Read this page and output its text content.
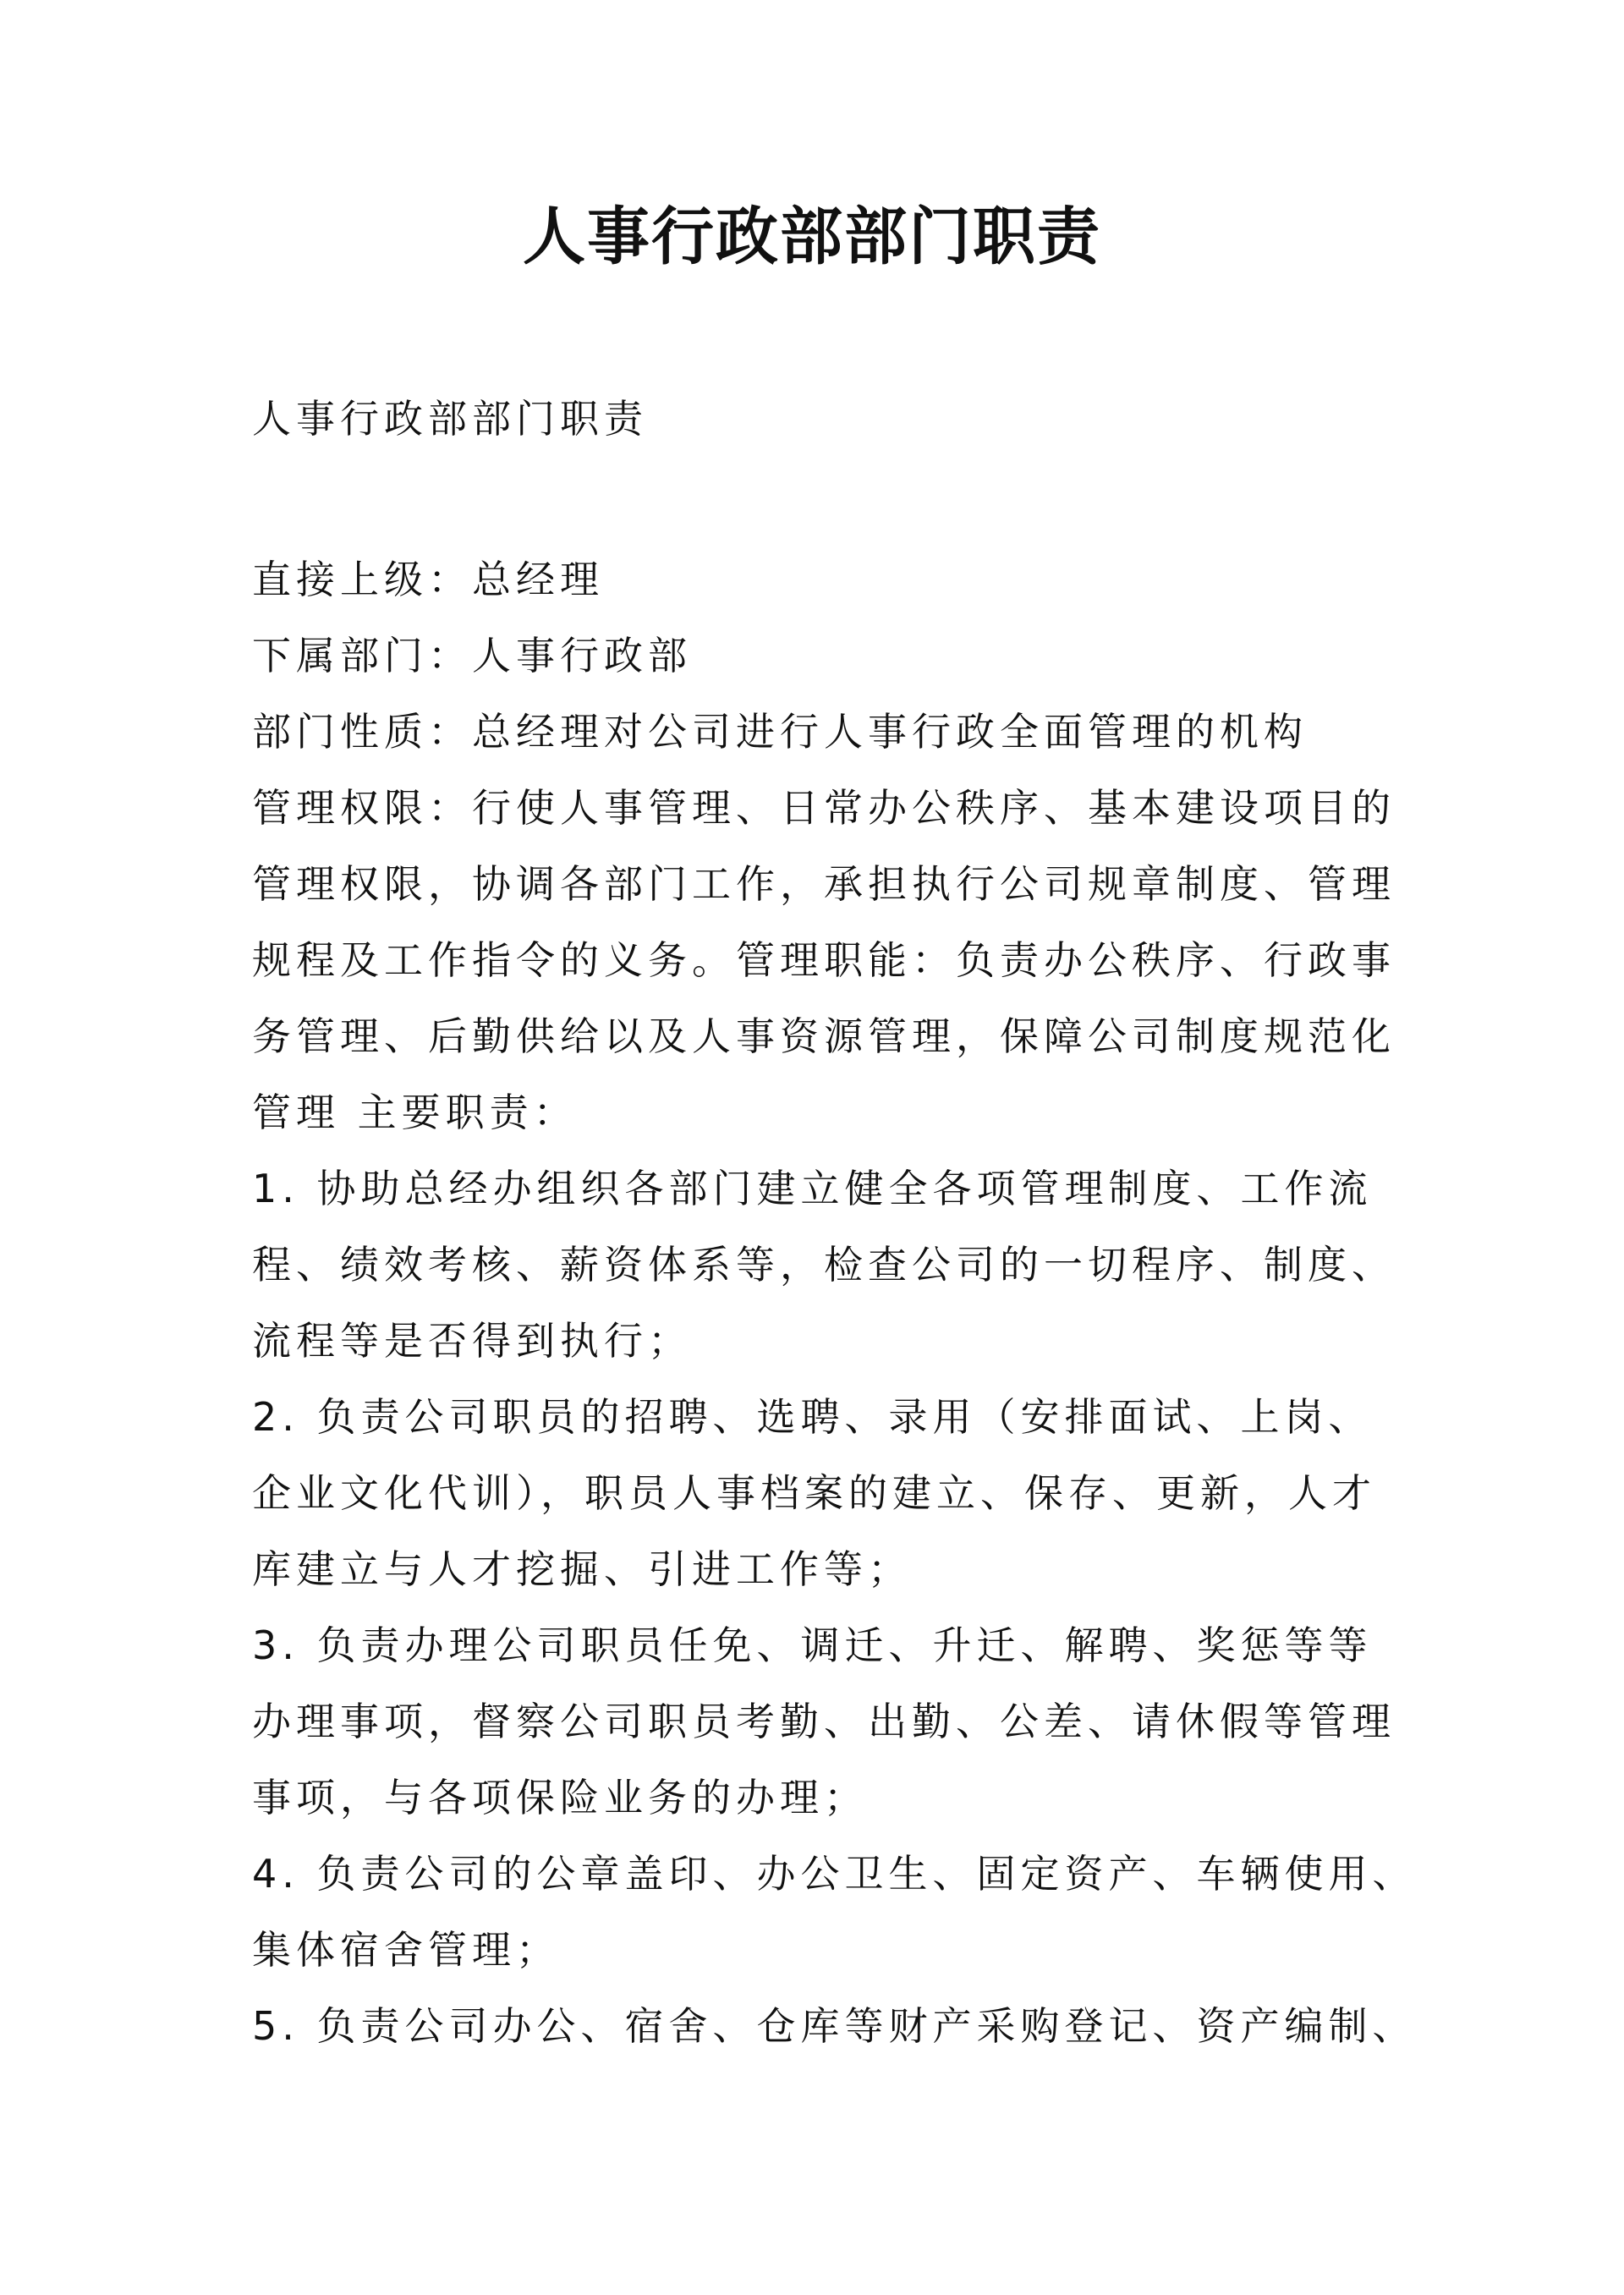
人事行政部部门职责
人事行政部部门职责
直接上级：总经理
下属部门：人事行政部
部门性质：总经理对公司进行人事行政全面管理的机构
管理权限：行使人事管理、日常办公秩序、基本建设项目的
管理权限，协调各部门工作，承担执行公司规章制度、管理
规程及工作指令的义务。管理职能：负责办公秩序、行政事
务管理、后勤供给以及人事资源管理，保障公司制度规范化
管理 主要职责：
1. 协助总经办组织各部门建立健全各项管理制度、工作流
程、绩效考核、薪资体系等，检查公司的一切程序、制度、
流程等是否得到执行；
2. 负责公司职员的招聘、选聘、录用（安排面试、上岗、
企业文化代训），职员人事档案的建立、保存、更新，人才
库建立与人才挖掘、引进工作等；
3. 负责办理公司职员任免、调迁、升迁、解聘、奖惩等等
办理事项，督察公司职员考勤、出勤、公差、请休假等管理
事项，与各项保险业务的办理；
4. 负责公司的公章盖印、办公卫生、固定资产、车辆使用、
集体宿舍管理；
5. 负责公司办公、宿舍、仓库等财产采购登记、资产编制、
